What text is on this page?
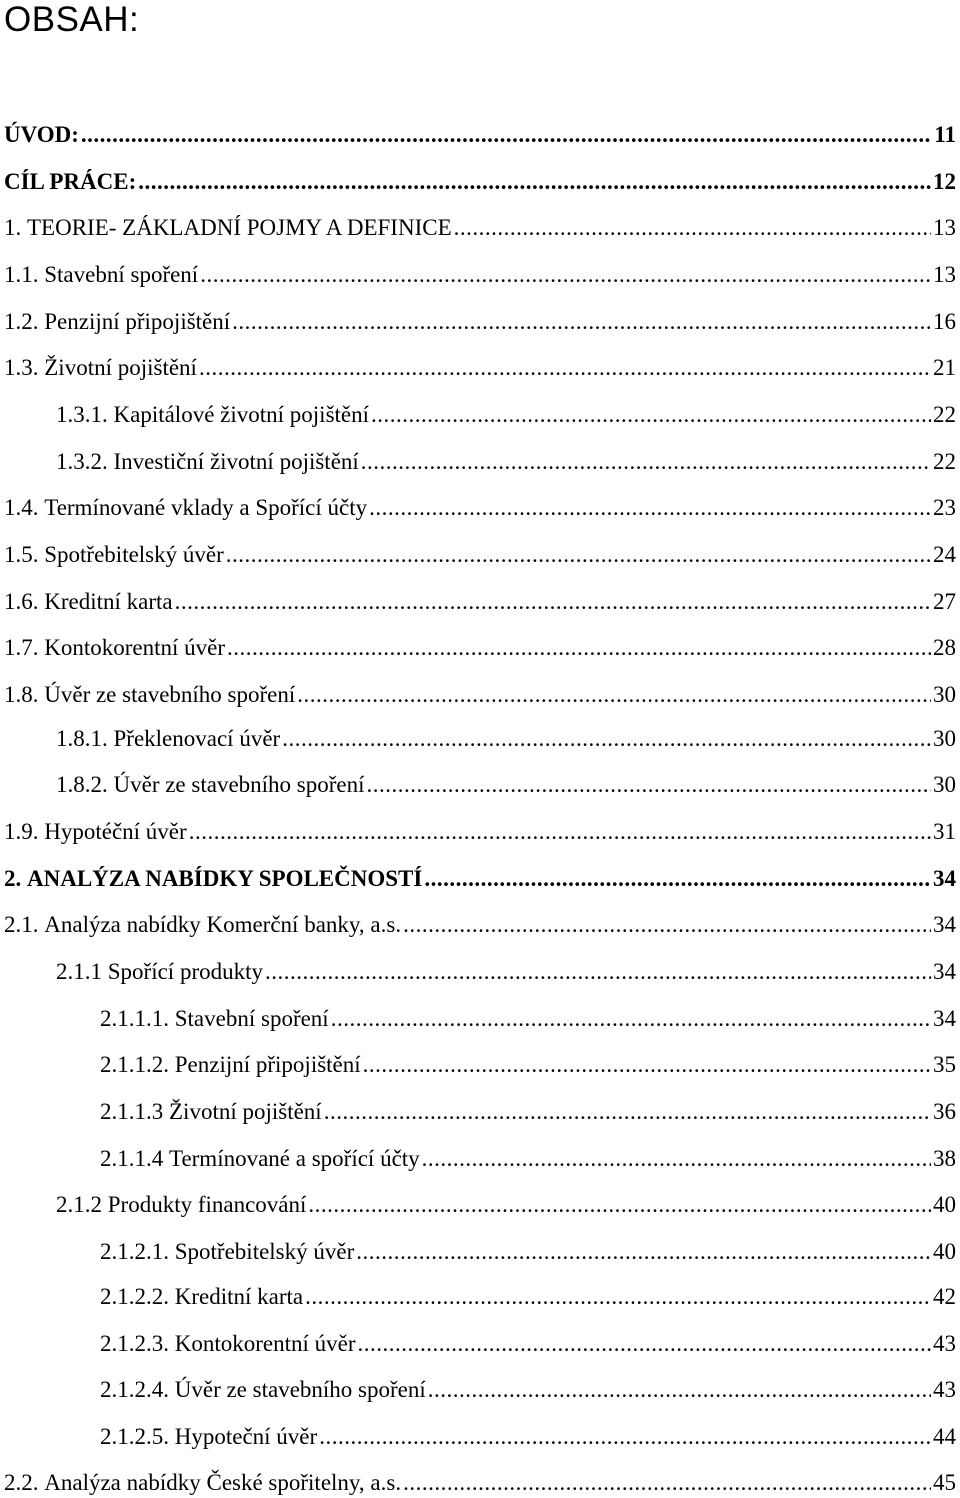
OBSAH:
ÚVOD: .....	11
CÍL PRÁCE: .....	12
1. TEORIE- ZÁKLADNÍ POJMY A DEFINICE .....	13
1.1. Stavební spoření .....	13
1.2. Penzijní připojištění .....	16
1.3. Životní pojištění .....	21
1.3.1. Kapitálové životní pojištění .....	22
1.3.2. Investiční životní pojištění .....	22
1.4. Termínované vklady a Spořící účty .....	23
1.5. Spotřebitelský úvěr .....	24
1.6. Kreditní karta .....	27
1.7. Kontokorentní úvěr .....	28
1.8. Úvěr ze stavebního spoření .....	30
1.8.1. Překlenovací úvěr .....	30
1.8.2. Úvěr ze stavebního spoření .....	30
1.9. Hypotéční úvěr .....	31
2. ANALÝZA NABÍDKY SPOLEČNOSTÍ .....	34
2.1. Analýza nabídky Komerční banky, a.s. .....	34
2.1.1 Spořící produkty .....	34
2.1.1.1. Stavební spoření .....	34
2.1.1.2. Penzijní připojištění .....	35
2.1.1.3 Životní pojištění .....	36
2.1.1.4 Termínované a spořící účty .....	38
2.1.2 Produkty financování .....	40
2.1.2.1. Spotřebitelský úvěr .....	40
2.1.2.2. Kreditní karta .....	42
2.1.2.3. Kontokorentní úvěr .....	43
2.1.2.4. Úvěr ze stavebního spoření .....	43
2.1.2.5. Hypoteční úvěr .....	44
2.2. Analýza nabídky České spořitelny, a.s. .....	45
